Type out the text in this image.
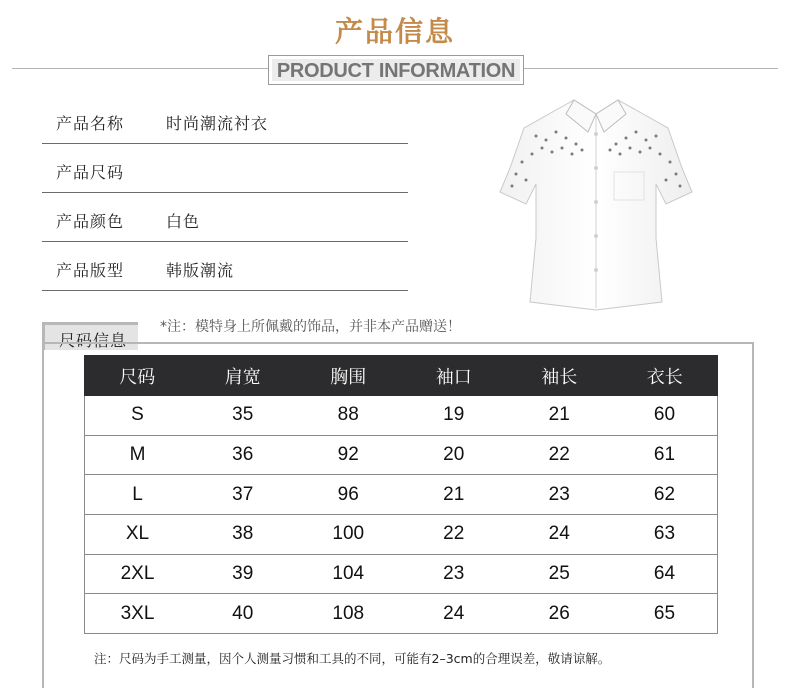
产品信息
PRODUCT INFORMATION
产品名称	时尚潮流衬衣
产品尺码
产品颜色	白色
产品版型	韩版潮流
尺码信息
*注：模特身上所佩戴的饰品，并非本产品赠送！
尺码	肩宽	胸围	袖口	袖长	衣长
S	35	88	19	21	60
M	36	92	20	22	61
L	37	96	21	23	62
XL	38	100	22	24	63
2XL	39	104	23	25	64
3XL	40	108	24	26	65
注：尺码为手工测量，因个人测量习惯和工具的不同，可能有2–3cm的合理误差，敬请谅解。
